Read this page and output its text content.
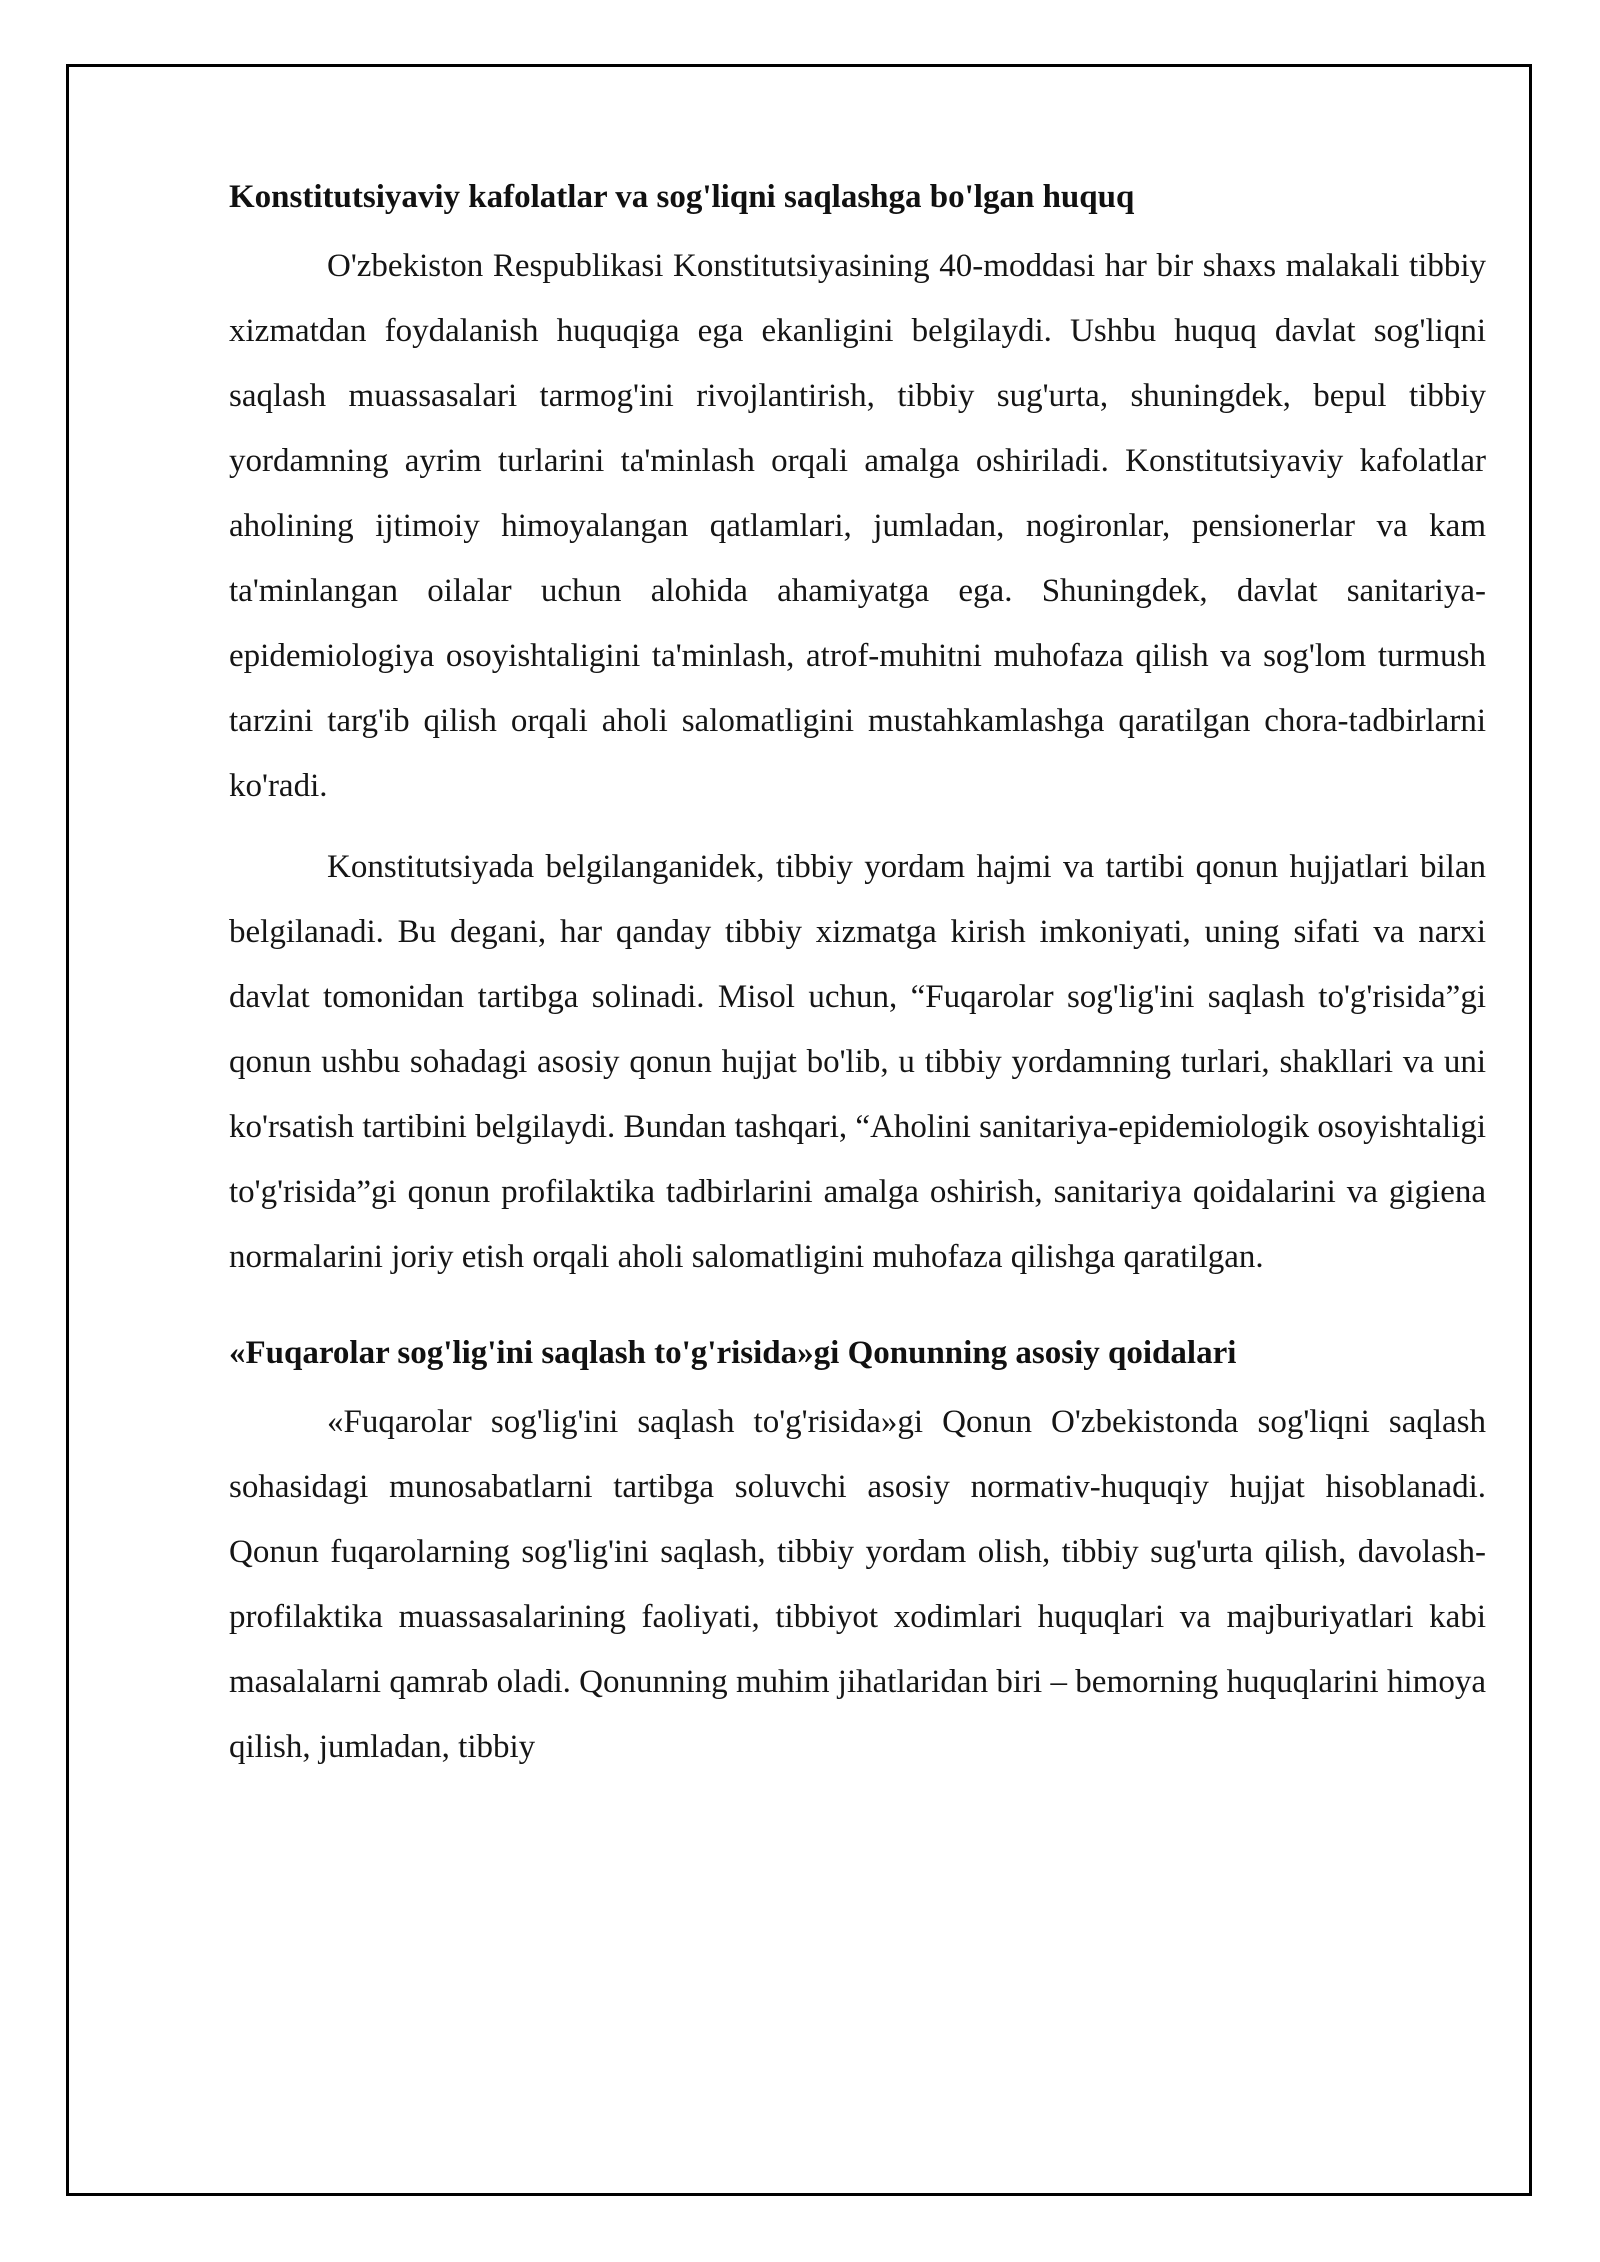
Konstitutsiyaviy kafolatlar va sog'liqni saqlashga bo'lgan huquq

O'zbekiston Respublikasi Konstitutsiyasining 40-moddasi har bir shaxs malakali tibbiy xizmatdan foydalanish huquqiga ega ekanligini belgilaydi. Ushbu huquq davlat sog'liqni saqlash muassasalari tarmog'ini rivojlantirish, tibbiy sug'urta, shuningdek, bepul tibbiy yordamning ayrim turlarini ta'minlash orqali amalga oshiriladi. Konstitutsiyaviy kafolatlar aholining ijtimoiy himoyalangan qatlamlari, jumladan, nogironlar, pensionerlar va kam ta'minlangan oilalar uchun alohida ahamiyatga ega. Shuningdek, davlat sanitariya-epidemiologiya osoyishtaligini ta'minlash, atrof-muhitni muhofaza qilish va sog'lom turmush tarzini targ'ib qilish orqali aholi salomatligini mustahkamlashga qaratilgan chora-tadbirlarni ko'radi.

Konstitutsiyada belgilanganidek, tibbiy yordam hajmi va tartibi qonun hujjatlari bilan belgilanadi. Bu degani, har qanday tibbiy xizmatga kirish imkoniyati, uning sifati va narxi davlat tomonidan tartibga solinadi. Misol uchun, “Fuqarolar sog'lig'ini saqlash to'g'risida”gi qonun ushbu sohadagi asosiy qonun hujjat bo'lib, u tibbiy yordamning turlari, shakllari va uni ko'rsatish tartibini belgilaydi. Bundan tashqari, “Aholini sanitariya-epidemiologik osoyishtaligi to'g'risida”gi qonun profilaktika tadbirlarini amalga oshirish, sanitariya qoidalarini va gigiena normalarini joriy etish orqali aholi salomatligini muhofaza qilishga qaratilgan.

«Fuqarolar sog'lig'ini saqlash to'g'risida»gi Qonunning asosiy qoidalari

«Fuqarolar sog'lig'ini saqlash to'g'risida»gi Qonun O'zbekistonda sog'liqni saqlash sohasidagi munosabatlarni tartibga soluvchi asosiy normativ-huquqiy hujjat hisoblanadi. Qonun fuqarolarning sog'lig'ini saqlash, tibbiy yordam olish, tibbiy sug'urta qilish, davolash-profilaktika muassasalarining faoliyati, tibbiyot xodimlari huquqlari va majburiyatlari kabi masalalarni qamrab oladi. Qonunning muhim jihatlaridan biri – bemorning huquqlarini himoya qilish, jumladan, tibbiy
